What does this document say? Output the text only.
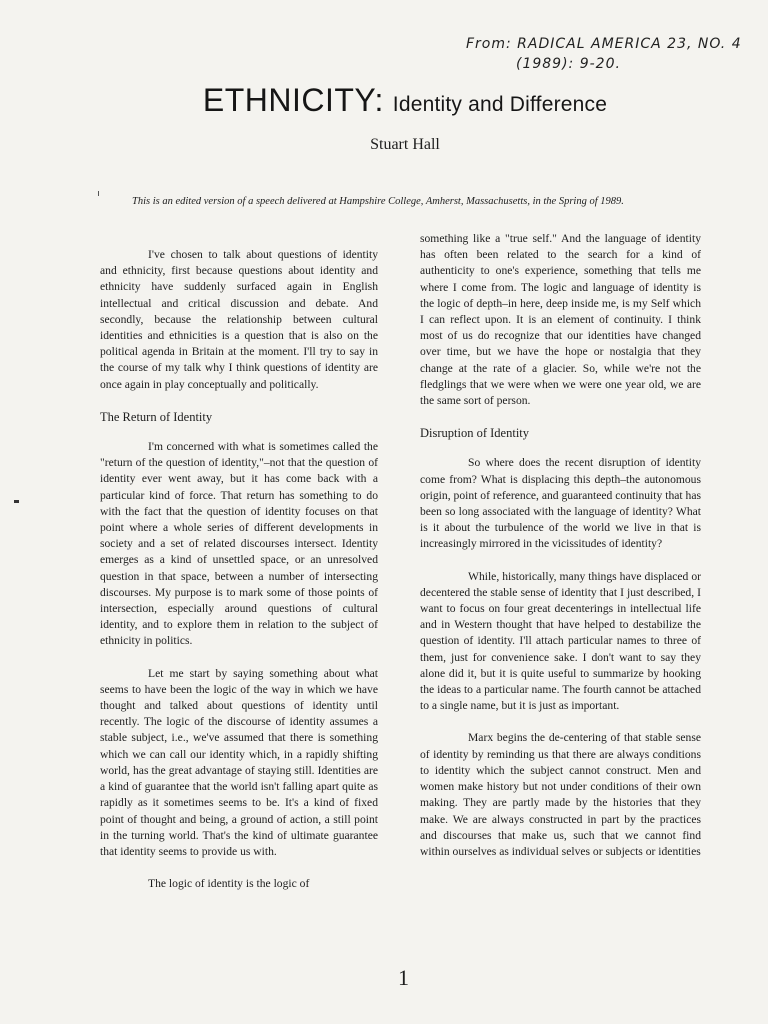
From: RADICAL AMERICA 23, NO. 4
(1989): 9-20.
ETHNICITY: Identity and Difference
Stuart Hall
This is an edited version of a speech delivered at Hampshire College, Amherst, Massachusetts, in the Spring of 1989.

I've chosen to talk about questions of identity and ethnicity, first because questions about identity and ethnicity have suddenly surfaced again in English intellectual and critical discussion and debate. And secondly, because the relationship between cultural identities and ethnicities is a question that is also on the political agenda in Britain at the moment. I'll try to say in the course of my talk why I think questions of identity are once again in play conceptually and politically.

The Return of Identity

I'm concerned with what is sometimes called the "return of the question of identity,"–not that the question of identity ever went away, but it has come back with a particular kind of force. That return has something to do with the fact that the question of identity focuses on that point where a whole series of different developments in society and a set of related discourses intersect. Identity emerges as a kind of unsettled space, or an unresolved question in that space, between a number of intersecting discourses. My purpose is to mark some of those points of intersection, especially around questions of cultural identity, and to explore them in relation to the subject of ethnicity in politics.

Let me start by saying something about what seems to have been the logic of the way in which we have thought and talked about questions of identity until recently. The logic of the discourse of identity assumes a stable subject, i.e., we've assumed that there is something which we can call our identity which, in a rapidly shifting world, has the great advantage of staying still. Identities are a kind of guarantee that the world isn't falling apart quite as rapidly as it sometimes seems to be. It's a kind of fixed point of thought and being, a ground of action, a still point in the turning world. That's the kind of ultimate guarantee that identity seems to provide us with.

The logic of identity is the logic of

something like a "true self." And the language of identity has often been related to the search for a kind of authenticity to one's experience, something that tells me where I come from. The logic and language of identity is the logic of depth–in here, deep inside me, is my Self which I can reflect upon. It is an element of continuity. I think most of us do recognize that our identities have changed over time, but we have the hope or nostalgia that they change at the rate of a glacier. So, while we're not the fledglings that we were when we were one year old, we are the same sort of person.

Disruption of Identity

So where does the recent disruption of identity come from? What is displacing this depth–the autonomous origin, point of reference, and guaranteed continuity that has been so long associated with the language of identity? What is it about the turbulence of the world we live in that is increasingly mirrored in the vicissitudes of identity?

While, historically, many things have displaced or decentered the stable sense of identity that I just described, I want to focus on four great decenterings in intellectual life and in Western thought that have helped to destabilize the question of identity. I'll attach particular names to three of them, just for convenience sake. I don't want to say they alone did it, but it is quite useful to summarize by hooking the ideas to a particular name. The fourth cannot be attached to a single name, but it is just as important.

Marx begins the de-centering of that stable sense of identity by reminding us that there are always conditions to identity which the subject cannot construct. Men and women make history but not under conditions of their own making. They are partly made by the histories that they make. We are always constructed in part by the practices and discourses that make us, such that we cannot find within ourselves as individual selves or subjects or identities

1
